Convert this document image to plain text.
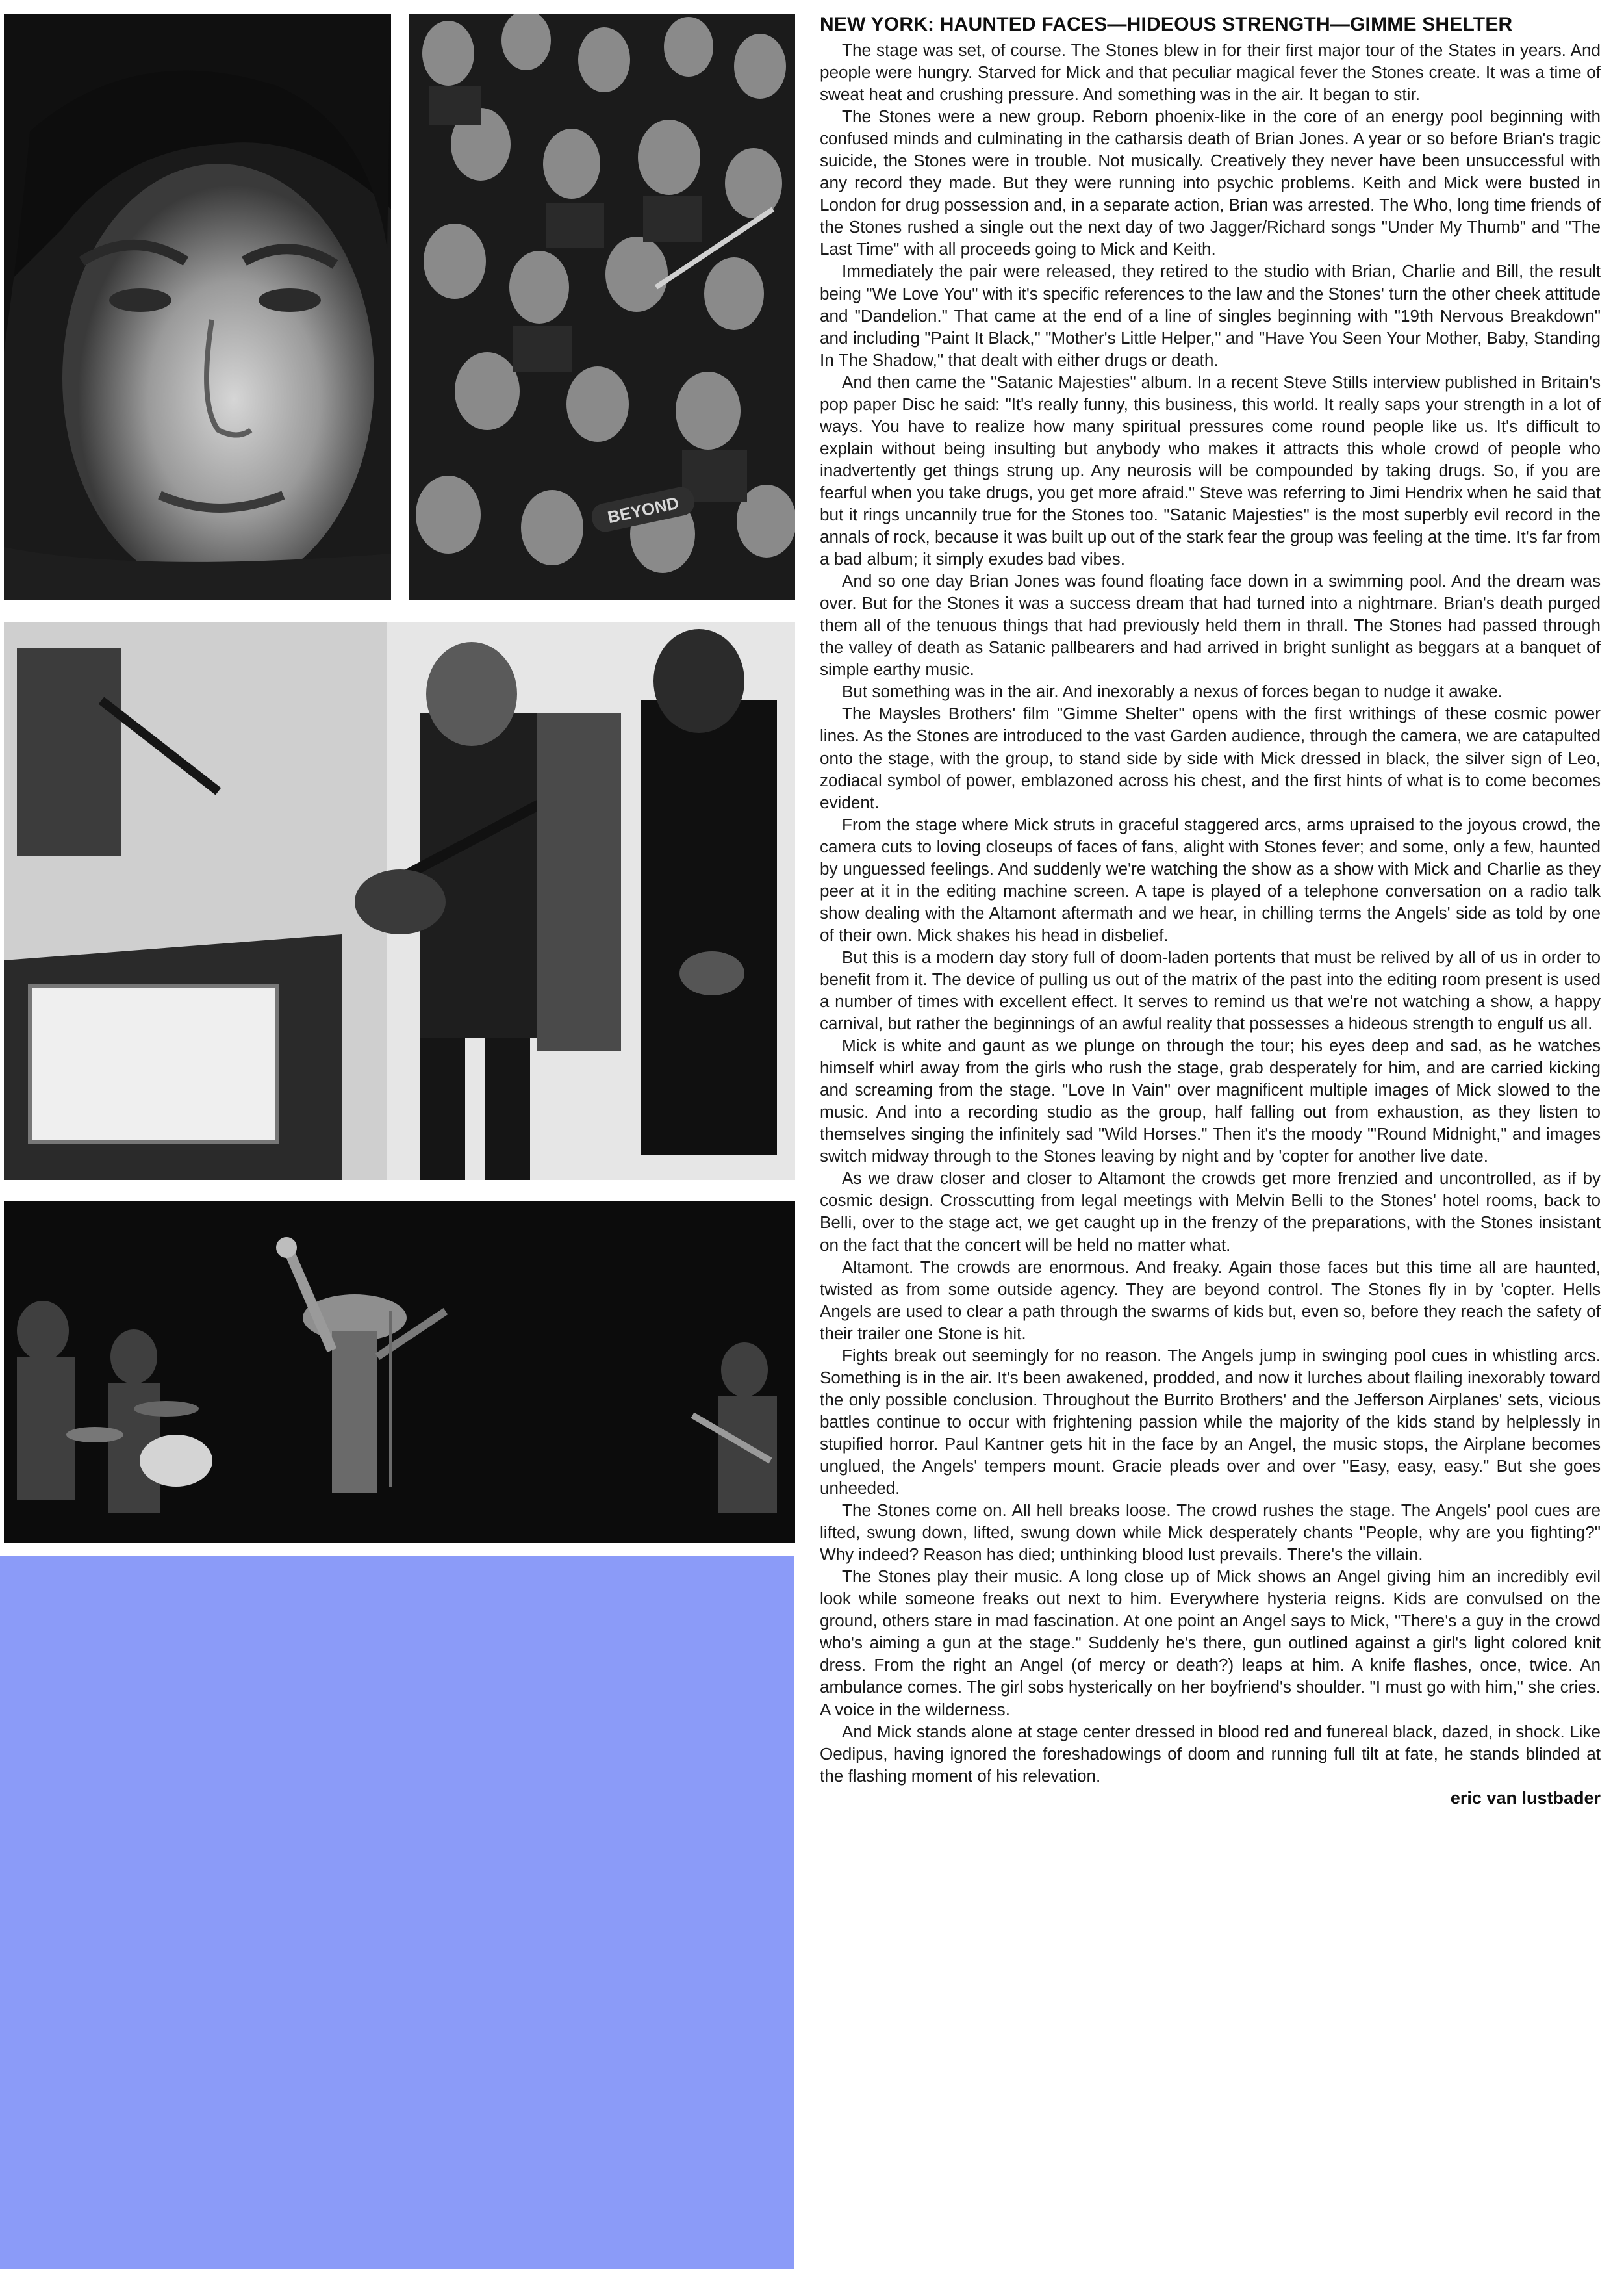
BEYOND
NEW YORK: HAUNTED FACES—HIDEOUS STRENGTH—GIMME SHELTER

The stage was set, of course. The Stones blew in for their first major tour of the States in years. And people were hungry. Starved for Mick and that peculiar magical fever the Stones create. It was a time of sweat heat and crushing pressure. And something was in the air. It began to stir.

The Stones were a new group. Reborn phoenix-like in the core of an energy pool beginning with confused minds and culminating in the catharsis death of Brian Jones. A year or so before Brian's tragic suicide, the Stones were in trouble. Not musically. Creatively they never have been unsuccessful with any record they made. But they were running into psychic problems. Keith and Mick were busted in London for drug possession and, in a separate action, Brian was arrested. The Who, long time friends of the Stones rushed a single out the next day of two Jagger/Richard songs "Under My Thumb" and "The Last Time" with all proceeds going to Mick and Keith.

Immediately the pair were released, they retired to the studio with Brian, Charlie and Bill, the result being "We Love You" with it's specific references to the law and the Stones' turn the other cheek attitude and "Dandelion." That came at the end of a line of singles beginning with "19th Nervous Breakdown" and including "Paint It Black," "Mother's Little Helper," and "Have You Seen Your Mother, Baby, Standing In The Shadow," that dealt with either drugs or death.

And then came the "Satanic Majesties" album. In a recent Steve Stills interview published in Britain's pop paper Disc he said: "It's really funny, this business, this world. It really saps your strength in a lot of ways. You have to realize how many spiritual pressures come round people like us. It's difficult to explain without being insulting but anybody who makes it attracts this whole crowd of people who inadvertently get things strung up. Any neurosis will be compounded by taking drugs. So, if you are fearful when you take drugs, you get more afraid." Steve was referring to Jimi Hendrix when he said that but it rings uncannily true for the Stones too. "Satanic Majesties" is the most superbly evil record in the annals of rock, because it was built up out of the stark fear the group was feeling at the time. It's far from a bad album; it simply exudes bad vibes.

And so one day Brian Jones was found floating face down in a swimming pool. And the dream was over. But for the Stones it was a success dream that had turned into a nightmare. Brian's death purged them all of the tenuous things that had previously held them in thrall. The Stones had passed through the valley of death as Satanic pallbearers and had arrived in bright sunlight as beggars at a banquet of simple earthy music.

But something was in the air. And inexorably a nexus of forces began to nudge it awake.

The Maysles Brothers' film "Gimme Shelter" opens with the first writhings of these cosmic power lines. As the Stones are introduced to the vast Garden audience, through the camera, we are catapulted onto the stage, with the group, to stand side by side with Mick dressed in black, the silver sign of Leo, zodiacal symbol of power, emblazoned across his chest, and the first hints of what is to come becomes evident.

From the stage where Mick struts in graceful staggered arcs, arms upraised to the joyous crowd, the camera cuts to loving closeups of faces of fans, alight with Stones fever; and some, only a few, haunted by unguessed feelings. And suddenly we're watching the show as a show with Mick and Charlie as they peer at it in the editing machine screen. A tape is played of a telephone conversation on a radio talk show dealing with the Altamont aftermath and we hear, in chilling terms the Angels' side as told by one of their own. Mick shakes his head in disbelief.

But this is a modern day story full of doom-laden portents that must be relived by all of us in order to benefit from it. The device of pulling us out of the matrix of the past into the editing room present is used a number of times with excellent effect. It serves to remind us that we're not watching a show, a happy carnival, but rather the beginnings of an awful reality that possesses a hideous strength to engulf us all.

Mick is white and gaunt as we plunge on through the tour; his eyes deep and sad, as he watches himself whirl away from the girls who rush the stage, grab desperately for him, and are carried kicking and screaming from the stage. "Love In Vain" over magnificent multiple images of Mick slowed to the music. And into a recording studio as the group, half falling out from exhaustion, as they listen to themselves singing the infinitely sad "Wild Horses." Then it's the moody "'Round Midnight," and images switch midway through to the Stones leaving by night and by 'copter for another live date.

As we draw closer and closer to Altamont the crowds get more frenzied and uncontrolled, as if by cosmic design. Crosscutting from legal meetings with Melvin Belli to the Stones' hotel rooms, back to Belli, over to the stage act, we get caught up in the frenzy of the preparations, with the Stones insistant on the fact that the concert will be held no matter what.

Altamont. The crowds are enormous. And freaky. Again those faces but this time all are haunted, twisted as from some outside agency. They are beyond control. The Stones fly in by 'copter. Hells Angels are used to clear a path through the swarms of kids but, even so, before they reach the safety of their trailer one Stone is hit.

Fights break out seemingly for no reason. The Angels jump in swinging pool cues in whistling arcs. Something is in the air. It's been awakened, prodded, and now it lurches about flailing inexorably toward the only possible conclusion. Throughout the Burrito Brothers' and the Jefferson Airplanes' sets, vicious battles continue to occur with frightening passion while the majority of the kids stand by helplessly in stupified horror. Paul Kantner gets hit in the face by an Angel, the music stops, the Airplane becomes unglued, the Angels' tempers mount. Gracie pleads over and over "Easy, easy, easy." But she goes unheeded.

The Stones come on. All hell breaks loose. The crowd rushes the stage. The Angels' pool cues are lifted, swung down, lifted, swung down while Mick desperately chants "People, why are you fighting?" Why indeed? Reason has died; unthinking blood lust prevails. There's the villain.

The Stones play their music. A long close up of Mick shows an Angel giving him an incredibly evil look while someone freaks out next to him. Everywhere hysteria reigns. Kids are convulsed on the ground, others stare in mad fascination. At one point an Angel says to Mick, "There's a guy in the crowd who's aiming a gun at the stage." Suddenly he's there, gun outlined against a girl's light colored knit dress. From the right an Angel (of mercy or death?) leaps at him. A knife flashes, once, twice. An ambulance comes. The girl sobs hysterically on her boyfriend's shoulder. "I must go with him," she cries. A voice in the wilderness.

And Mick stands alone at stage center dressed in blood red and funereal black, dazed, in shock. Like Oedipus, having ignored the foreshadowings of doom and running full tilt at fate, he stands blinded at the flashing moment of his relevation.

eric van lustbader
